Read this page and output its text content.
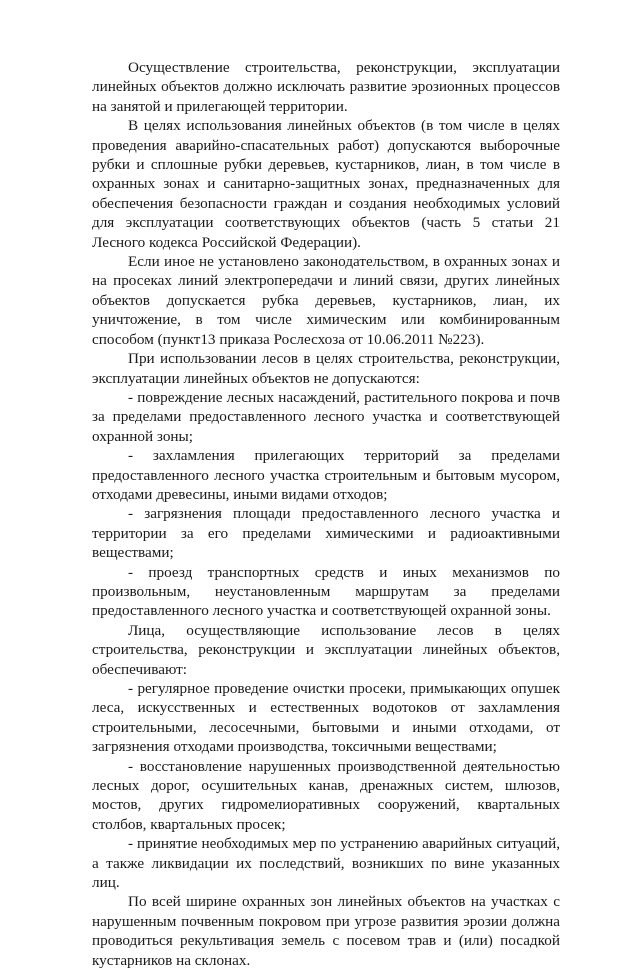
Осуществление строительства, реконструкции, эксплуатации линейных объектов должно исключать развитие эрозионных процессов на занятой и прилегающей территории.

В целях использования линейных объектов (в том числе в целях проведения аварийно-спасательных работ) допускаются выборочные рубки и сплошные рубки деревьев, кустарников, лиан, в том числе в охранных зонах и санитарно-защитных зонах, предназначенных для обеспечения безопасности граждан и создания необходимых условий для эксплуатации соответствующих объектов (часть 5 статьи 21 Лесного кодекса Российской Федерации).

Если иное не установлено законодательством, в охранных зонах и на просеках линий электропередачи и линий связи, других линейных объектов допускается рубка деревьев, кустарников, лиан, их уничтожение, в том числе химическим или комбинированным способом (пункт13 приказа Рослесхоза от 10.06.2011 №223).

При использовании лесов в целях строительства, реконструкции, эксплуатации линейных объектов не допускаются:

- повреждение лесных насаждений, растительного покрова и почв за пределами предоставленного лесного участка и соответствующей охранной зоны;

- захламления прилегающих территорий за пределами предоставленного лесного участка строительным и бытовым мусором, отходами древесины, иными видами отходов;

- загрязнения площади предоставленного лесного участка и территории за его пределами химическими и радиоактивными веществами;

- проезд транспортных средств и иных механизмов по произвольным, неустановленным маршрутам за пределами предоставленного лесного участка и соответствующей охранной зоны.

Лица, осуществляющие использование лесов в целях строительства, реконструкции и эксплуатации линейных объектов, обеспечивают:

- регулярное проведение очистки просеки, примыкающих опушек леса, искусственных и естественных водотоков от захламления строительными, лесосечными, бытовыми и иными отходами, от загрязнения отходами производства, токсичными веществами;

- восстановление нарушенных производственной деятельностью лесных дорог, осушительных канав, дренажных систем, шлюзов, мостов, других гидромелиоративных сооружений, квартальных столбов, квартальных просек;

- принятие необходимых мер по устранению аварийных ситуаций, а также ликвидации их последствий, возникших по вине указанных лиц.

По всей ширине охранных зон линейных объектов на участках с нарушенным почвенным покровом при угрозе развития эрозии должна проводиться рекультивация земель с посевом трав и (или) посадкой кустарников на склонах.
